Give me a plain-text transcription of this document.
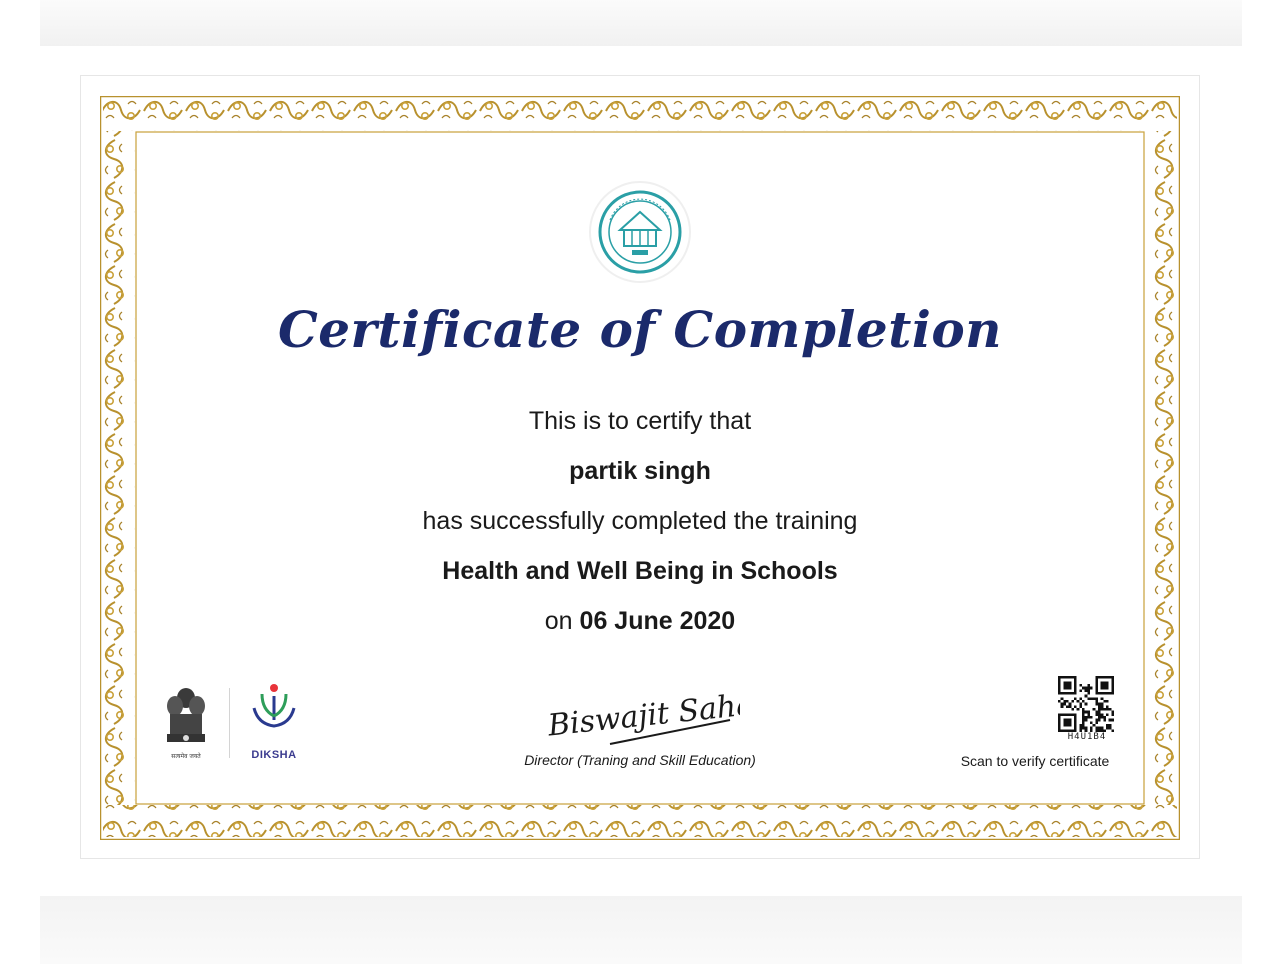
Certificate of Completion
This is to certify that
partik singh
has successfully completed the training
Health and Well Being in Schools
on 06 June 2020
सत्यमेव जयते	DIKSHA
Biswajit Saha
Director (Traning and Skill Education)
H4U1B4
Scan to verify certificate
